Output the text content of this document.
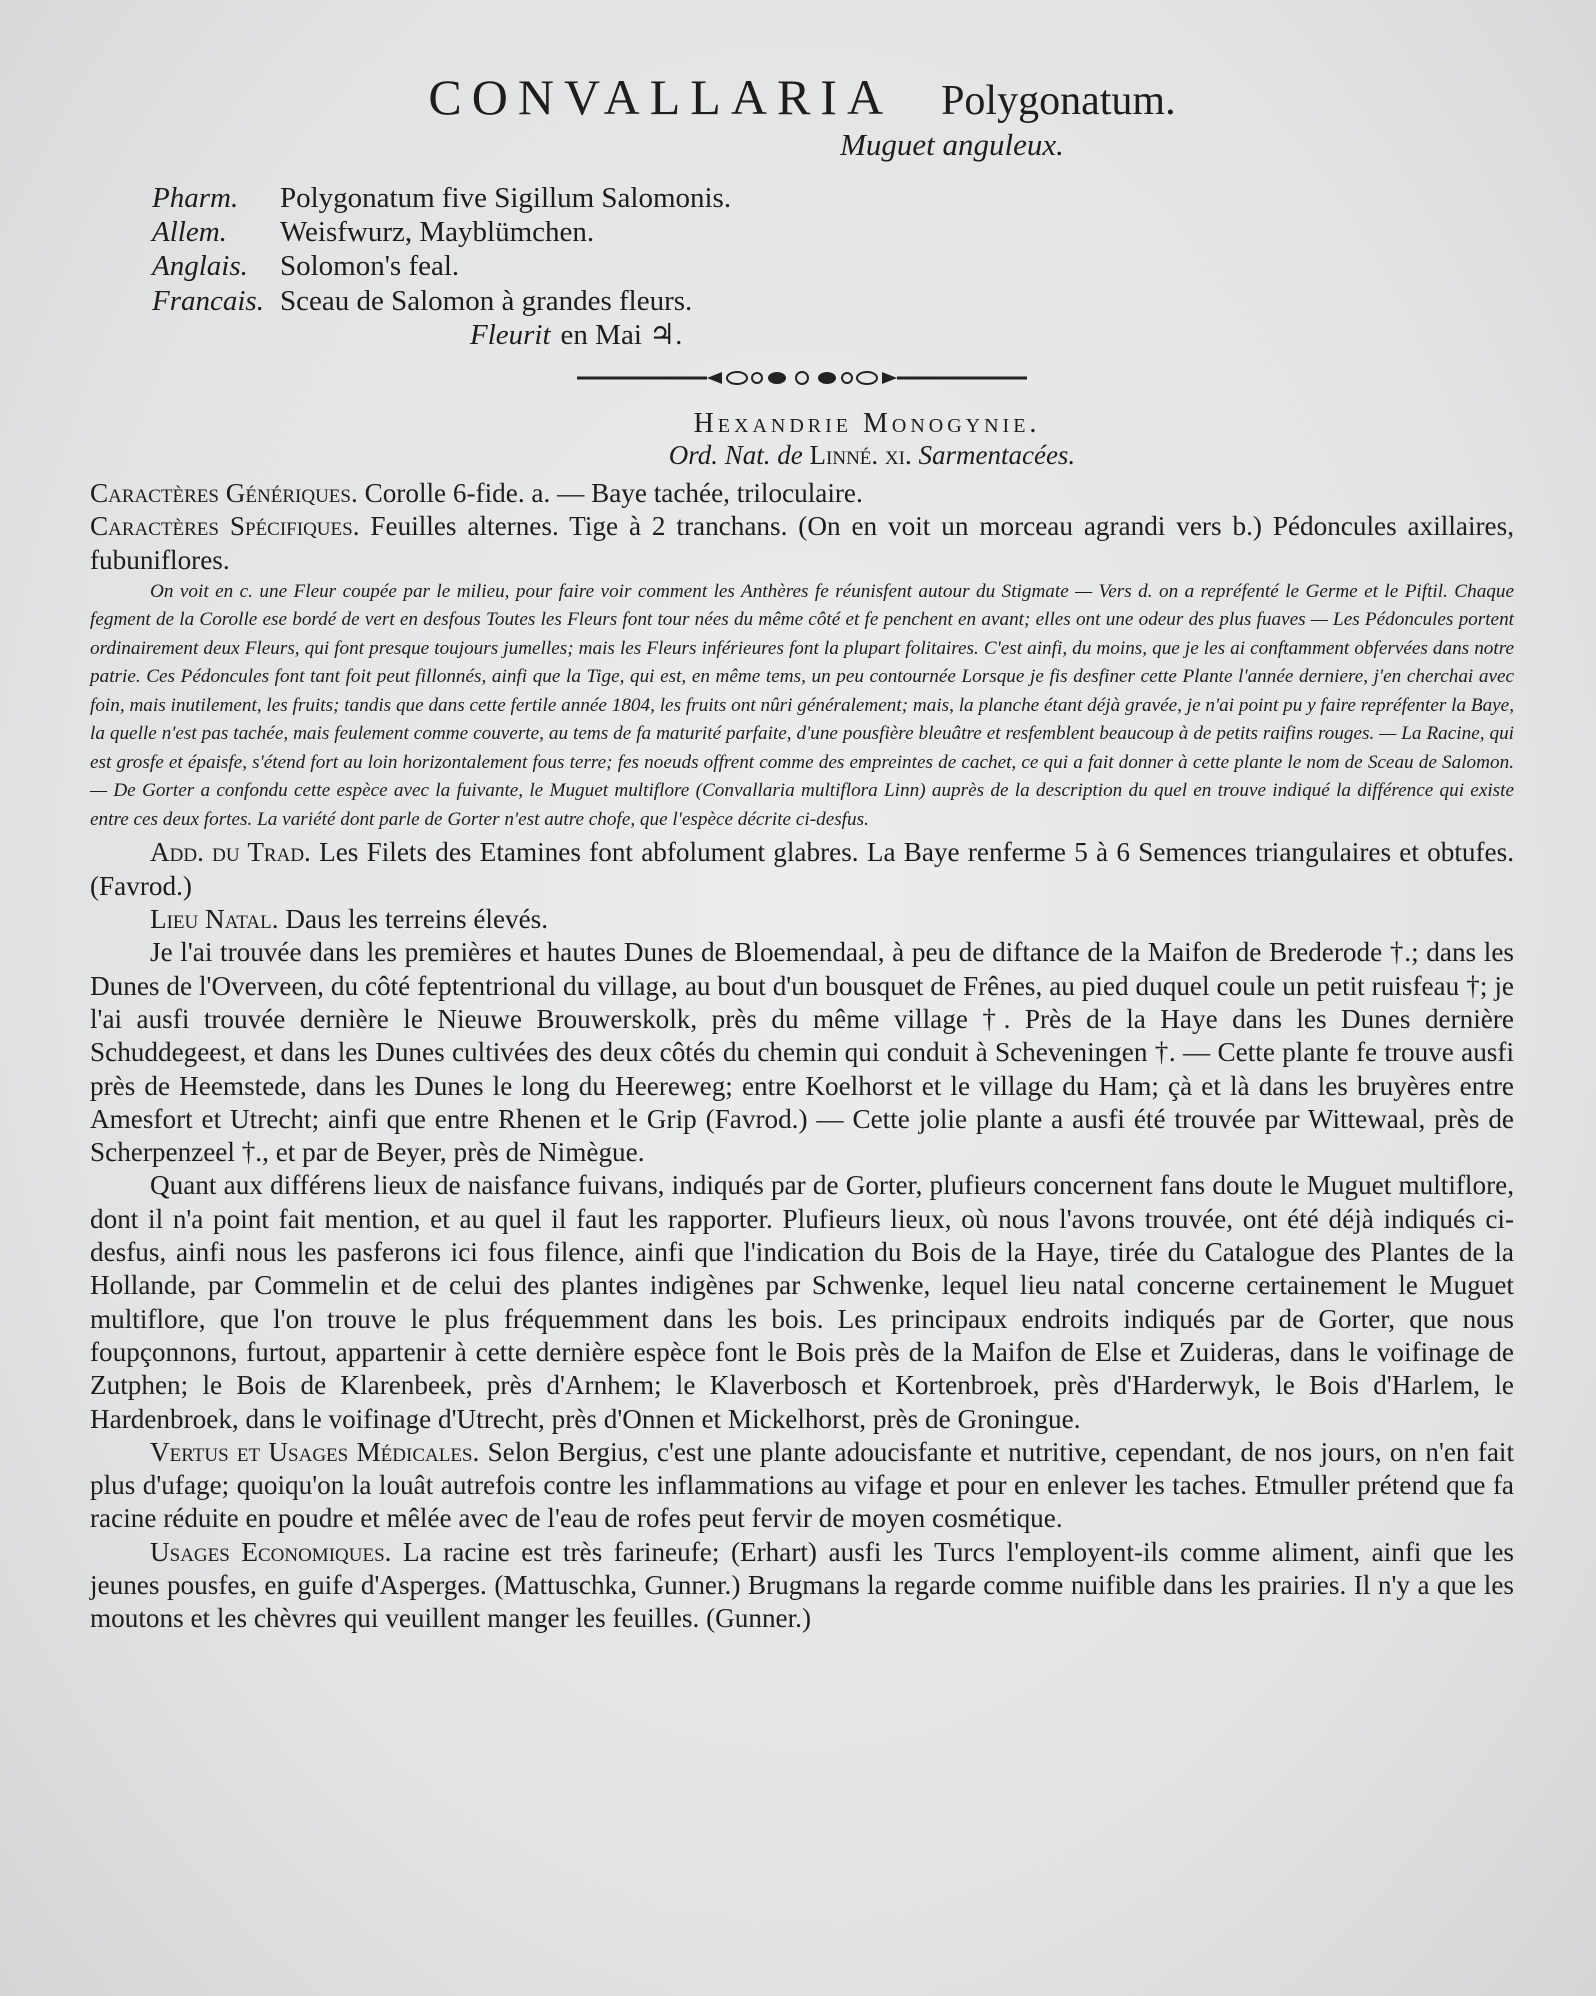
CONVALLARIA Polygonatum.
Muguet anguleux.
Pharm.	Polygonatum five Sigillum Salomonis.
Allem.	Weisfwurz, Mayblümchen.
Anglais.	Solomon's feal.
Francais.	Sceau de Salomon à grandes fleurs.
Fleurit en Mai ♃.
Hexandrie Monogynie.
Ord. Nat. de Linné. xi. Sarmentacées.

Caractères Génériques. Corolle 6-fide. a. — Baye tachée, triloculaire.

Caractères Spécifiques. Feuilles alternes. Tige à 2 tranchans. (On en voit un morceau agrandi vers b.) Pédoncules axillaires, fubuniflores.

On voit en c. une Fleur coupée par le milieu, pour faire voir comment les Anthères fe réunisfent autour du Stigmate — Vers d. on a repréfenté le Germe et le Piftil. Chaque fegment de la Corolle ese bordé de vert en desfous Toutes les Fleurs font tour nées du même côté et fe penchent en avant; elles ont une odeur des plus fuaves — Les Pédoncules portent ordinairement deux Fleurs, qui font presque toujours jumelles; mais les Fleurs inférieures font la plupart folitaires. C'est ainfi, du moins, que je les ai conftamment obfervées dans notre patrie. Ces Pédoncules font tant foit peut fillonnés, ainfi que la Tige, qui est, en même tems, un peu contournée Lorsque je fis desfiner cette Plante l'année derniere, j'en cherchai avec foin, mais inutilement, les fruits; tandis que dans cette fertile année 1804, les fruits ont nûri généralement; mais, la planche étant déjà gravée, je n'ai point pu y faire repréfenter la Baye, la quelle n'est pas tachée, mais feulement comme couverte, au tems de fa maturité parfaite, d'une pousfière bleuâtre et resfemblent beaucoup à de petits raifins rouges. — La Racine, qui est grosfe et épaisfe, s'étend fort au loin horizontalement fous terre; fes noeuds offrent comme des empreintes de cachet, ce qui a fait donner à cette plante le nom de Sceau de Salomon. — De Gorter a confondu cette espèce avec la fuivante, le Muguet multiflore (Convallaria multiflora Linn) auprès de la description du quel en trouve indiqué la différence qui existe entre ces deux fortes. La variété dont parle de Gorter n'est autre chofe, que l'espèce décrite ci-desfus.

Add. du Trad. Les Filets des Etamines font abfolument glabres. La Baye renferme 5 à 6 Semences triangulaires et obtufes. (Favrod.)

Lieu Natal. Daus les terreins élevés.

Je l'ai trouvée dans les premières et hautes Dunes de Bloemendaal, à peu de diftance de la Maifon de Brederode †.; dans les Dunes de l'Overveen, du côté feptentrional du village, au bout d'un bousquet de Frênes, au pied duquel coule un petit ruisfeau †; je l'ai ausfi trouvée dernière le Nieuwe Brouwerskolk, près du même village †. Près de la Haye dans les Dunes dernière Schuddegeest, et dans les Dunes cultivées des deux côtés du chemin qui conduit à Scheveningen †. — Cette plante fe trouve ausfi près de Heemstede, dans les Dunes le long du Heereweg; entre Koelhorst et le village du Ham; çà et là dans les bruyères entre Amesfort et Utrecht; ainfi que entre Rhenen et le Grip (Favrod.) — Cette jolie plante a ausfi été trouvée par Wittewaal, près de Scherpenzeel †., et par de Beyer, près de Nimègue.

Quant aux différens lieux de naisfance fuivans, indiqués par de Gorter, plufieurs concernent fans doute le Muguet multiflore, dont il n'a point fait mention, et au quel il faut les rapporter. Plufieurs lieux, où nous l'avons trouvée, ont été déjà indiqués ci-desfus, ainfi nous les pasferons ici fous filence, ainfi que l'indication du Bois de la Haye, tirée du Catalogue des Plantes de la Hollande, par Commelin et de celui des plantes indigènes par Schwenke, lequel lieu natal concerne certainement le Muguet multiflore, que l'on trouve le plus fréquemment dans les bois. Les principaux endroits indiqués par de Gorter, que nous foupçonnons, furtout, appartenir à cette dernière espèce font le Bois près de la Maifon de Else et Zuideras, dans le voifinage de Zutphen; le Bois de Klarenbeek, près d'Arnhem; le Klaverbosch et Kortenbroek, près d'Harderwyk, le Bois d'Harlem, le Hardenbroek, dans le voifinage d'Utrecht, près d'Onnen et Mickelhorst, près de Groningue.

Vertus et Usages Médicales. Selon Bergius, c'est une plante adoucisfante et nutritive, cependant, de nos jours, on n'en fait plus d'ufage; quoiqu'on la louât autrefois contre les inflammations au vifage et pour en enlever les taches. Etmuller prétend que fa racine réduite en poudre et mêlée avec de l'eau de rofes peut fervir de moyen cosmétique.

Usages Economiques. La racine est très farineufe; (Erhart) ausfi les Turcs l'employent-ils comme aliment, ainfi que les jeunes pousfes, en guife d'Asperges. (Mattuschka, Gunner.) Brugmans la regarde comme nuifible dans les prairies. Il n'y a que les moutons et les chèvres qui veuillent manger les feuilles. (Gunner.)
